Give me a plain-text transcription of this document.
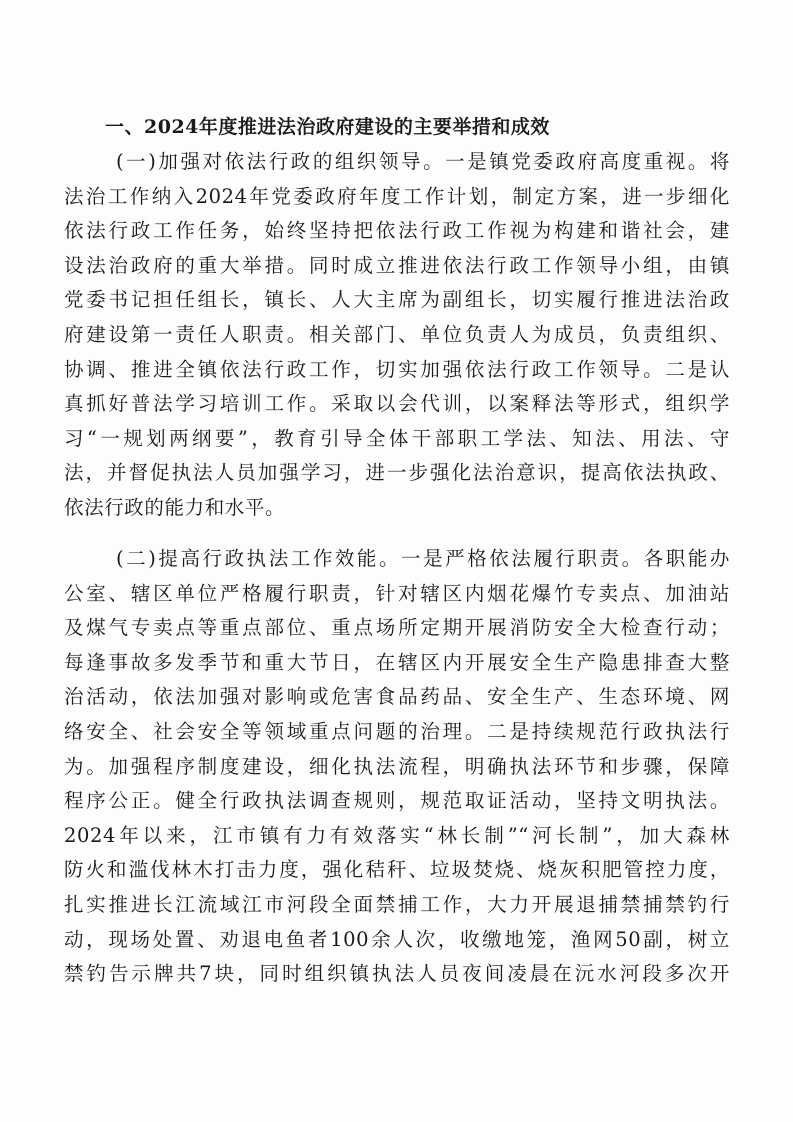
一、2024年度推进法治政府建设的主要举措和成效
(一)加强对依法行政的组织领导。一是镇党委政府高度重视。将
法治工作纳入2024年党委政府年度工作计划，制定方案，进一步细化
依法行政工作任务，始终坚持把依法行政工作视为构建和谐社会，建
设法治政府的重大举措。同时成立推进依法行政工作领导小组，由镇
党委书记担任组长，镇长、人大主席为副组长，切实履行推进法治政
府建设第一责任人职责。相关部门、单位负责人为成员，负责组织、
协调、推进全镇依法行政工作，切实加强依法行政工作领导。二是认
真抓好普法学习培训工作。采取以会代训，以案释法等形式，组织学
习“一规划两纲要”，教育引导全体干部职工学法、知法、用法、守
法，并督促执法人员加强学习，进一步强化法治意识，提高依法执政、
依法行政的能力和水平。
(二)提高行政执法工作效能。一是严格依法履行职责。各职能办
公室、辖区单位严格履行职责，针对辖区内烟花爆竹专卖点、加油站
及煤气专卖点等重点部位、重点场所定期开展消防安全大检查行动；
每逢事故多发季节和重大节日，在辖区内开展安全生产隐患排查大整
治活动，依法加强对影响或危害食品药品、安全生产、生态环境、网
络安全、社会安全等领域重点问题的治理。二是持续规范行政执法行
为。加强程序制度建设，细化执法流程，明确执法环节和步骤，保障
程序公正。健全行政执法调查规则，规范取证活动，坚持文明执法。
2024年以来，江市镇有力有效落实“林长制”“河长制”，加大森林
防火和滥伐林木打击力度，强化秸秆、垃圾焚烧、烧灰积肥管控力度，
扎实推进长江流域江市河段全面禁捕工作，大力开展退捕禁捕禁钓行
动，现场处置、劝退电鱼者100余人次，收缴地笼，渔网50副，树立
禁钓告示牌共7块，同时组织镇执法人员夜间凌晨在沅水河段多次开
